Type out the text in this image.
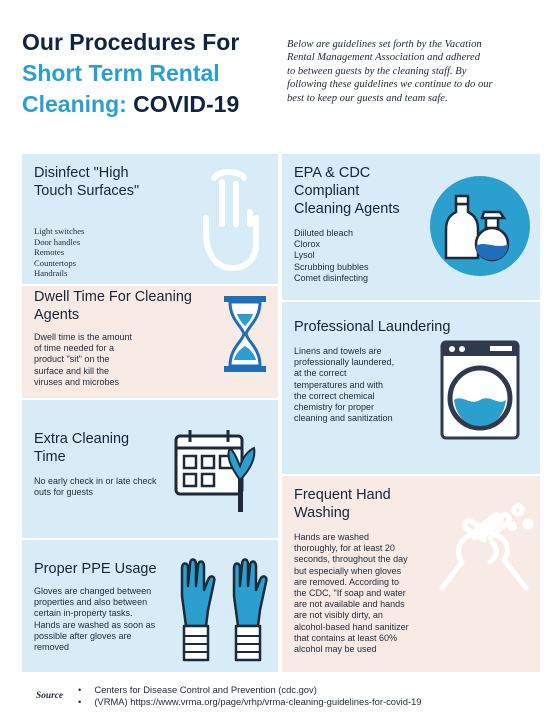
Our Procedures For
Short Term Rental
Cleaning: COVID-19
Below are guidelines set forth by the Vacation
Rental Management Association and adhered
to between guests by the cleaning staff. By
following these guidelines we continue to do our
best to keep our guests and team safe.
Disinfect "High
Touch Surfaces"
Light switches
Door handles
Remotes
Countertops
Handrails
Dwell Time For Cleaning
Agents
Dwell time is the amount
of time needed for a
product "sit" on the
surface and kill the
viruses and microbes
Extra Cleaning
Time
No early check in or late check
outs for guests
Proper PPE Usage
Gloves are changed between
properties and also between
certain in-property tasks.
Hands are washed as soon as
possible after gloves are
removed
EPA & CDC
Compliant
Cleaning Agents
Diiluted bleach
Clorox
Lysol
Scrubbing bubbles
Comet disinfecting
Professional Laundering
Linens and towels are
professionally laundered,
at the correct
temperatures and with
the correct chemical
chemistry for proper
cleaning and sanitization
Frequent Hand
Washing
Hands are washed
thoroughly, for at least 20
seconds, throughout the day
but especially when gloves
are removed. According to
the CDC, "If soap and water
are not available and hands
are not visibly dirty, an
alcohol-based hand sanitizer
that contains at least 60%
alcohol may be used
Source
•     Centers for Disease Control and Prevention (cdc.gov)
•     (VRMA) https://www.vrma.org/page/vrhp/vrma-cleaning-guidelines-for-covid-19
